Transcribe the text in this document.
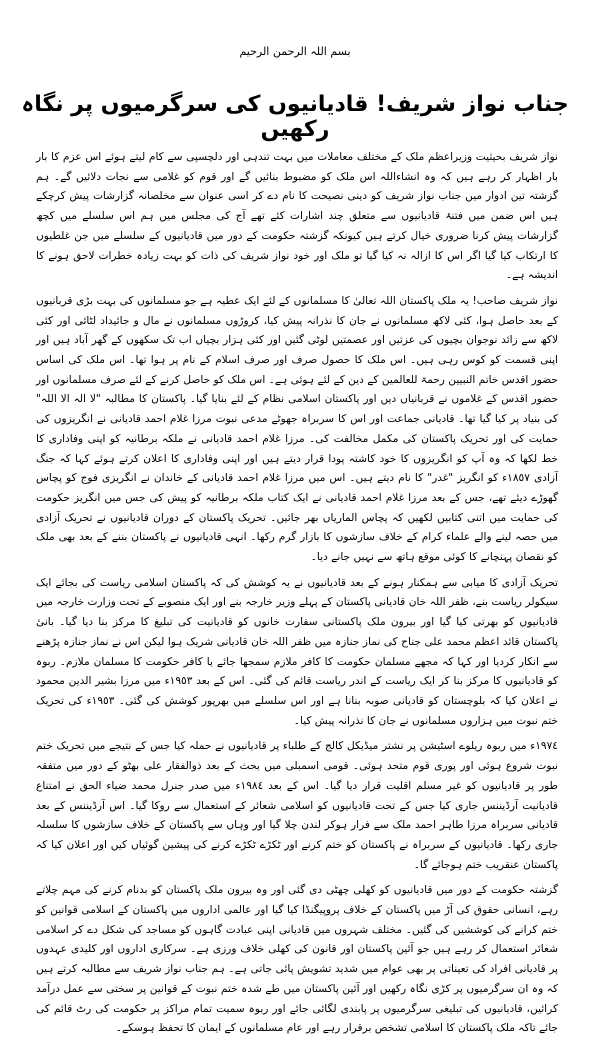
بسم اللہ الرحمن الرحیم
جناب نواز شریف! قادیانیوں کی سرگرمیوں پر نگاہ رکھیں

نواز شریف بحیثیت وزیراعظم ملک کے مختلف معاملات میں بہت تندہی اور دلچسپی سے کام لیتے ہوئے اس عزم کا بار بار اظہار کر رہے ہیں کہ وہ انشاءاللہ اس ملک کو مضبوط بنائیں گے اور قوم کو غلامی سے نجات دلائیں گے۔ ہم گزشتہ تین ادوار میں جناب نواز شریف کو دینی نصیحت کا نام دے کر اسی عنوان سے مخلصانہ گزارشات پیش کرچکے ہیں اس ضمن میں فتنۂ قادیانیوں سے متعلق چند اشارات کئے تھے آج کی مجلس میں ہم اس سلسلے میں کچھ گزارشات پیش کرنا ضروری خیال کرتے ہیں کیونکہ گزشتہ حکومت کے دور میں قادیانیوں کے سلسلے میں جن غلطیوں کا ارتکاب کیا گیا اگر اس کا ازالہ نہ کیا گیا تو ملک اور خود نواز شریف کی ذات کو بہت زیادہ خطرات لاحق ہونے کا اندیشہ ہے۔

نواز شریف صاحب! یہ ملک پاکستان اللہ تعالیٰ کا مسلمانوں کے لئے ایک عطیہ ہے جو مسلمانوں کی بہت بڑی قربانیوں کے بعد حاصل ہوا، کئی لاکھ مسلمانوں نے جان کا نذرانہ پیش کیا، کروڑوں مسلمانوں نے مال و جائیداد لٹائی اور کئی لاکھ سے زائد نوجوان بچیوں کی عزتیں اور عصمتیں لوٹی گئیں اور کئی ہزار بچیاں اب تک سکھوں کے گھر آباد ہیں اور اپنی قسمت کو کوس رہی ہیں۔ اس ملک کا حصول صرف اور صرف اسلام کے نام پر ہوا تھا۔ اس ملک کی اساس حضور اقدس خاتم النبیین رحمۃ للعالمین کے دین کے لئے ہوئی ہے۔ اس ملک کو حاصل کرنے کے لئے صرف مسلمانوں اور حضور اقدس کے غلاموں نے قربانیاں دیں اور پاکستان اسلامی نظام کے لئے بنایا گیا۔ پاکستان کا مطالبہ "لا الہ الا اللہ" کی بنیاد پر کیا گیا تھا۔ قادیانی جماعت اور اس کا سربراہ جھوٹے مدعی نبوت مرزا غلام احمد قادیانی نے انگریزوں کی حمایت کی اور تحریک پاکستان کی مکمل مخالفت کی۔ مرزا غلام احمد قادیانی نے ملکہ برطانیہ کو اپنی وفاداری کا خط لکھا کہ وہ آپ کو انگریزوں کا خود کاشتہ پودا قرار دیتے ہیں اور اپنی وفاداری کا اعلان کرتے ہوئے کہا کہ جنگ آزادی ١٨٥٧ء کو انگریز "غدر" کا نام دیتے ہیں۔ اس میں مرزا غلام احمد قادیانی کے خاندان نے انگریزی فوج کو پچاس گھوڑے دیئے تھے، جس کے بعد مرزا غلام احمد قادیانی نے ایک کتاب ملکہ برطانیہ کو پیش کی جس میں انگریز حکومت کی حمایت میں اتنی کتابیں لکھیں کہ پچاس الماریاں بھر جائیں۔ تحریک پاکستان کے دوران قادیانیوں نے تحریک آزادی میں حصہ لینے والے علماء کرام کے خلاف سازشوں کا بازار گرم رکھا۔ انہی قادیانیوں نے پاکستان بننے کے بعد بھی ملک کو نقصان پہنچانے کا کوئی موقع ہاتھ سے نہیں جانے دیا۔

تحریک آزادی کا میابی سے ہمکنار ہونے کے بعد قادیانیوں نے یہ کوشش کی کہ پاکستان اسلامی ریاست کی بجائے ایک سیکولر ریاست بنے، ظفر اللہ خان قادیانی پاکستان کے پہلے وزیر خارجہ بنے اور ایک منصوبے کے تحت وزارت خارجہ میں قادیانیوں کو بھرتی کیا گیا اور بیرون ملک پاکستانی سفارت خانوں کو قادیانیت کی تبلیغ کا مرکز بنا دیا گیا۔ بانیٔ پاکستان قائد اعظم محمد علی جناح کی نماز جنازہ میں ظفر اللہ خان قادیانی شریک ہوا لیکن اس نے نماز جنازہ پڑھنے سے انکار کردیا اور کہا کہ مجھے مسلمان حکومت کا کافر ملازم سمجھا جائے یا کافر حکومت کا مسلمان ملازم۔ ربوہ کو قادیانیوں کا مرکز بنا کر ایک ریاست کے اندر ریاست قائم کی گئی۔ اس کے بعد ١٩٥٣ء میں مرزا بشیر الدین محمود نے اعلان کیا کہ بلوچستان کو قادیانی صوبہ بنانا ہے اور اس سلسلے میں بھرپور کوشش کی گئی۔ ١٩٥٣ء کی تحریک ختم نبوت میں ہزاروں مسلمانوں نے جان کا نذرانہ پیش کیا۔

١٩٧٤ء میں ربوہ ریلوے اسٹیشن پر نشتر میڈیکل کالج کے طلباء پر قادیانیوں نے حملہ کیا جس کے نتیجے میں تحریک ختم نبوت شروع ہوئی اور پوری قوم متحد ہوئی۔ قومی اسمبلی میں بحث کے بعد ذوالفقار علی بھٹو کے دور میں متفقہ طور پر قادیانیوں کو غیر مسلم اقلیت قرار دیا گیا۔ اس کے بعد ١٩٨٤ء میں صدر جنرل محمد ضیاء الحق نے امتناع قادیانیت آرڈیننس جاری کیا جس کے تحت قادیانیوں کو اسلامی شعائر کے استعمال سے روکا گیا۔ اس آرڈیننس کے بعد قادیانی سربراہ مرزا طاہر احمد ملک سے فرار ہوکر لندن چلا گیا اور وہاں سے پاکستان کے خلاف سازشوں کا سلسلہ جاری رکھا۔ قادیانیوں کے سربراہ نے پاکستان کو ختم کرنے اور ٹکڑے ٹکڑے کرنے کی پیشین گوئیاں کیں اور اعلان کیا کہ پاکستان عنقریب ختم ہوجائے گا۔

گزشتہ حکومت کے دور میں قادیانیوں کو کھلی چھٹی دی گئی اور وہ بیرون ملک پاکستان کو بدنام کرنے کی مہم چلاتے رہے، انسانی حقوق کی آڑ میں پاکستان کے خلاف پروپیگنڈا کیا گیا اور عالمی اداروں میں پاکستان کے اسلامی قوانین کو ختم کرانے کی کوششیں کی گئیں۔ مختلف شہروں میں قادیانی اپنی عبادت گاہوں کو مساجد کی شکل دے کر اسلامی شعائر استعمال کر رہے ہیں جو آئین پاکستان اور قانون کی کھلی خلاف ورزی ہے۔ سرکاری اداروں اور کلیدی عہدوں پر قادیانی افراد کی تعیناتی پر بھی عوام میں شدید تشویش پائی جاتی ہے۔ ہم جناب نواز شریف سے مطالبہ کرتے ہیں کہ وہ ان سرگرمیوں پر کڑی نگاہ رکھیں اور آئین پاکستان میں طے شدہ ختم نبوت کے قوانین پر سختی سے عمل درآمد کرائیں، قادیانیوں کی تبلیغی سرگرمیوں پر پابندی لگائی جائے اور ربوہ سمیت تمام مراکز پر حکومت کی رٹ قائم کی جائے تاکہ ملک پاکستان کا اسلامی تشخص برقرار رہے اور عام مسلمانوں کے ایمان کا تحفظ ہوسکے۔
